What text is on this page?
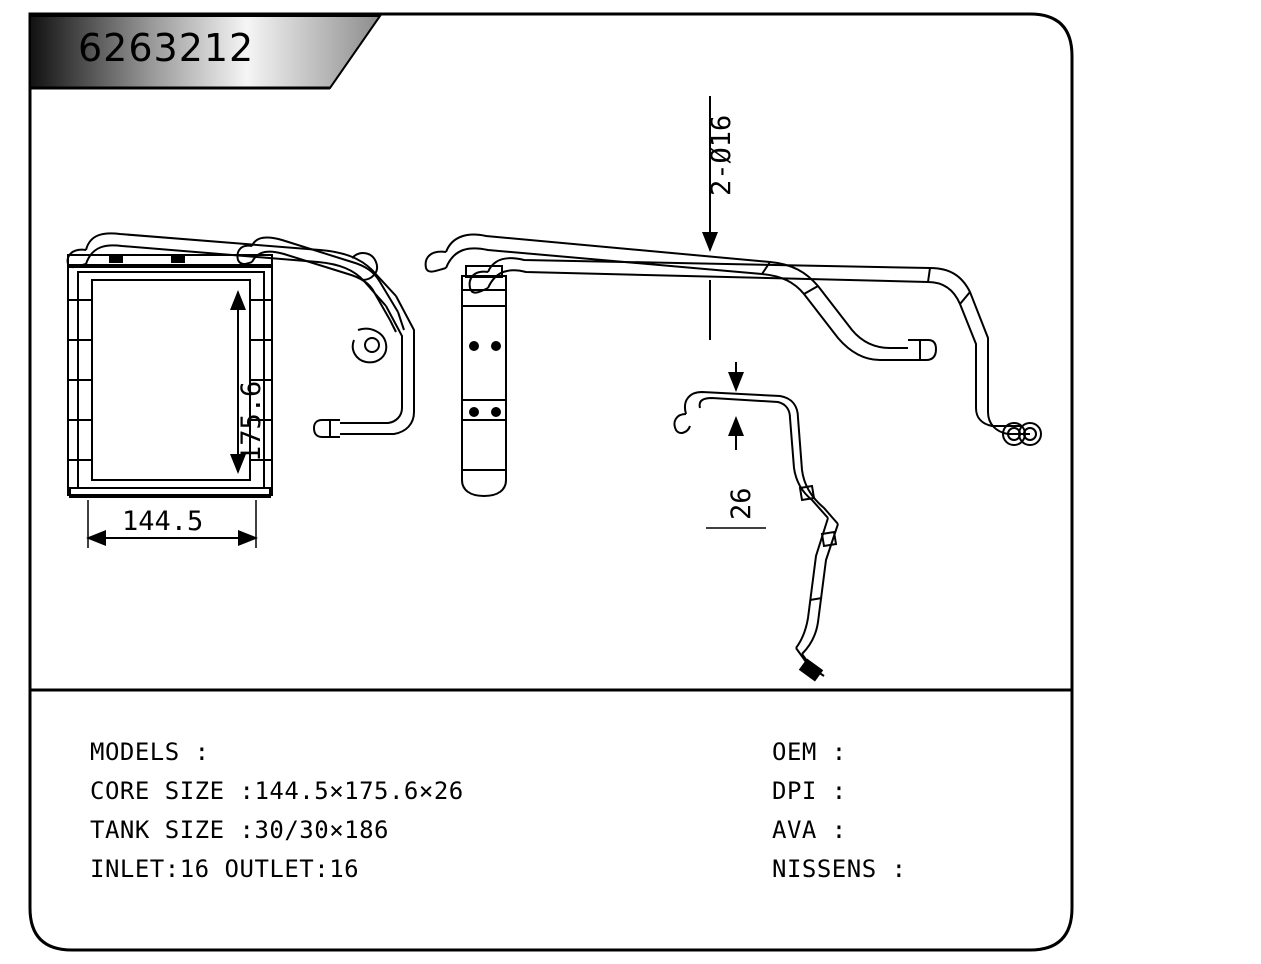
6263212
175.6
144.5
2-Ø16
26
MODELS :
CORE SIZE :144.5×175.6×26
TANK SIZE :30/30×186
INLET:16 OUTLET:16
OEM :
DPI :
AVA :
NISSENS :
